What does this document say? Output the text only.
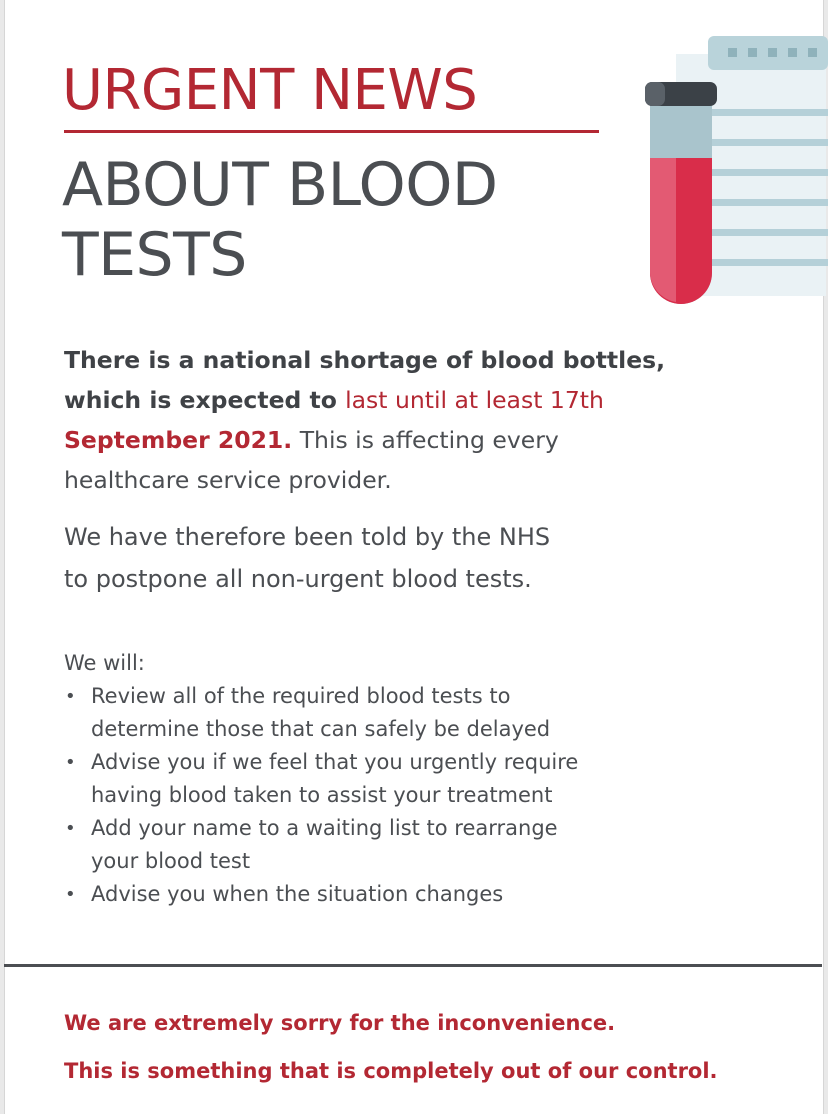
URGENT NEWS
ABOUT BLOOD
TESTS
There is a national shortage of blood bottles,
which is expected to last until at least 17th
September 2021. This is affecting every
healthcare service provider.
We have therefore been told by the NHS
to postpone all non-urgent blood tests.
We will:
• Review all of the required blood tests to
determine those that can safely be delayed
• Advise you if we feel that you urgently require
having blood taken to assist your treatment
• Add your name to a waiting list to rearrange
your blood test
• Advise you when the situation changes
We are extremely sorry for the inconvenience.
This is something that is completely out of our control.
